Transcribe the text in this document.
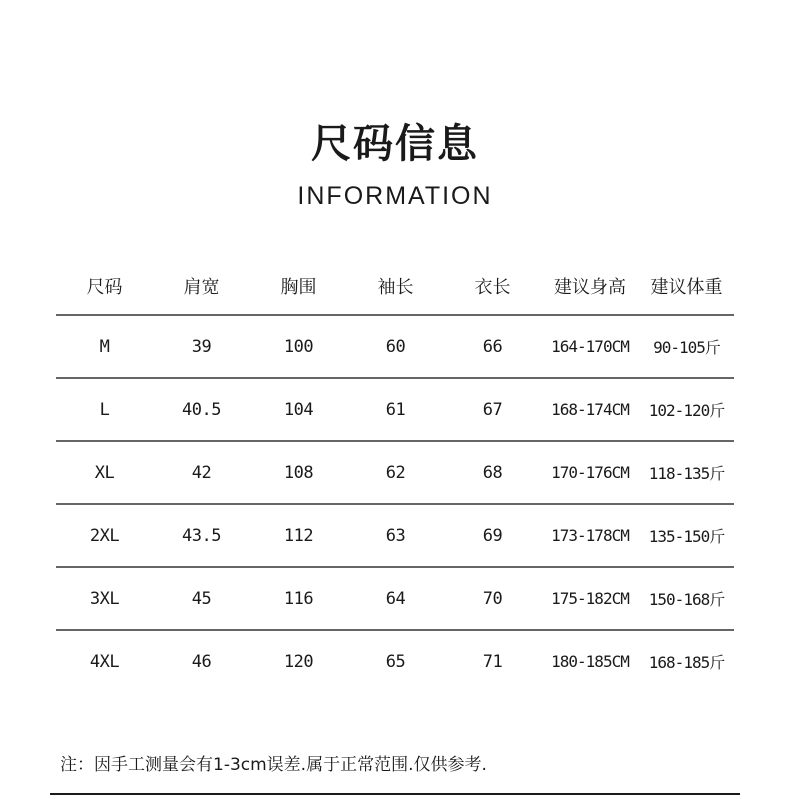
尺码信息
INFORMATION
尺码	肩宽	胸围	袖长	衣长	建议身高	建议体重
M	39	100	60	66	164-170CM	90-105斤
L	40.5	104	61	67	168-174CM	102-120斤
XL	42	108	62	68	170-176CM	118-135斤
2XL	43.5	112	63	69	173-178CM	135-150斤
3XL	45	116	64	70	175-182CM	150-168斤
4XL	46	120	65	71	180-185CM	168-185斤
注：因手工测量会有1-3cm误差.属于正常范围.仅供参考.
